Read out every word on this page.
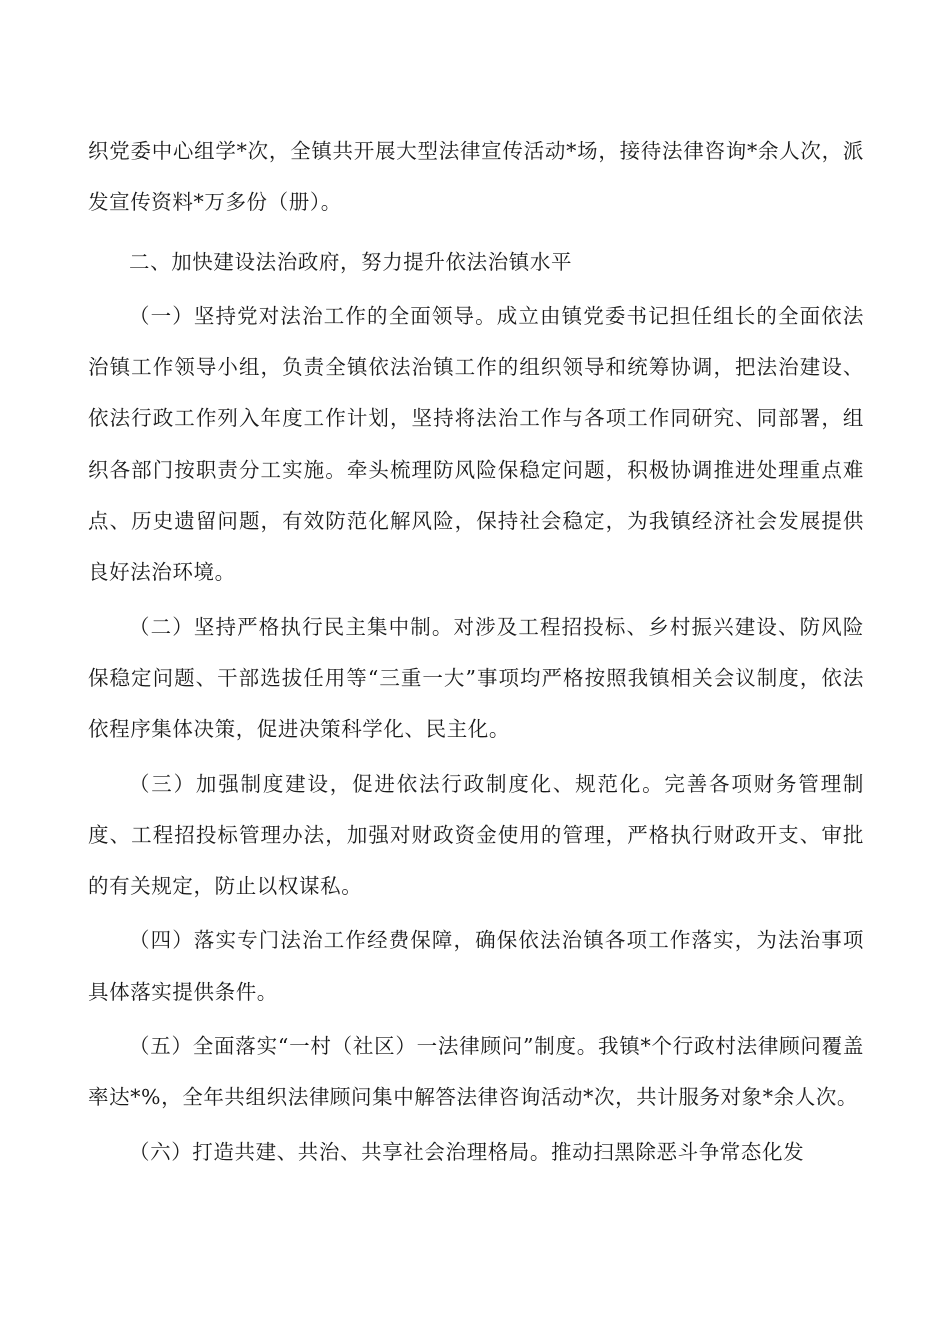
织党委中心组学*次，全镇共开展大型法律宣传活动*场，接待法律咨询*余人次，派发宣传资料*万多份（册）。

二、加快建设法治政府，努力提升依法治镇水平

（一）坚持党对法治工作的全面领导。成立由镇党委书记担任组长的全面依法治镇工作领导小组，负责全镇依法治镇工作的组织领导和统筹协调，把法治建设、依法行政工作列入年度工作计划，坚持将法治工作与各项工作同研究、同部署，组织各部门按职责分工实施。牵头梳理防风险保稳定问题，积极协调推进处理重点难点、历史遗留问题，有效防范化解风险，保持社会稳定，为我镇经济社会发展提供良好法治环境。

（二）坚持严格执行民主集中制。对涉及工程招投标、乡村振兴建设、防风险保稳定问题、干部选拔任用等“三重一大”事项均严格按照我镇相关会议制度，依法依程序集体决策，促进决策科学化、民主化。

（三）加强制度建设，促进依法行政制度化、规范化。完善各项财务管理制度、工程招投标管理办法，加强对财政资金使用的管理，严格执行财政开支、审批的有关规定，防止以权谋私。

（四）落实专门法治工作经费保障，确保依法治镇各项工作落实，为法治事项具体落实提供条件。

（五）全面落实“一村（社区）一法律顾问”制度。我镇*个行政村法律顾问覆盖率达*%，全年共组织法律顾问集中解答法律咨询活动*次，共计服务对象*余人次。

（六）打造共建、共治、共享社会治理格局。推动扫黑除恶斗争常态化发
